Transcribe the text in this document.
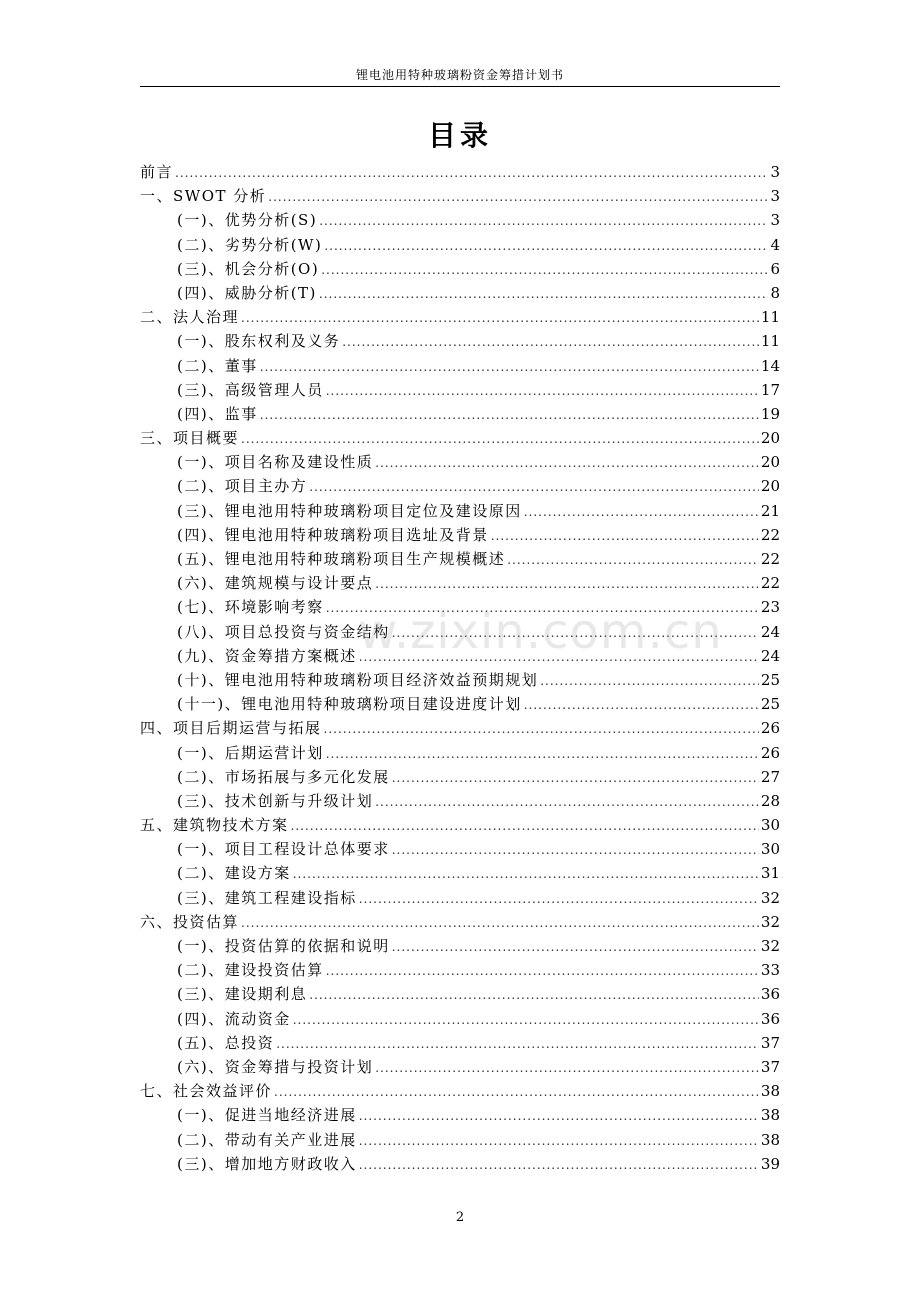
锂电池用特种玻璃粉资金筹措计划书
目录
前言 .....	3
一、SWOT 分析 .....	3
(一)、优势分析(S) .....	3
(二)、劣势分析(W) .....	4
(三)、机会分析(O) .....	6
(四)、威胁分析(T) .....	8
二、法人治理 .....	11
(一)、股东权利及义务 .....	11
(二)、董事 .....	14
(三)、高级管理人员 .....	17
(四)、监事 .....	19
三、项目概要 .....	20
(一)、项目名称及建设性质 .....	20
(二)、项目主办方 .....	20
(三)、锂电池用特种玻璃粉项目定位及建设原因 .....	21
(四)、锂电池用特种玻璃粉项目选址及背景 .....	22
(五)、锂电池用特种玻璃粉项目生产规模概述 .....	22
(六)、建筑规模与设计要点 .....	22
(七)、环境影响考察 .....	23
(八)、项目总投资与资金结构 .....	24
(九)、资金筹措方案概述 .....	24
(十)、锂电池用特种玻璃粉项目经济效益预期规划 .....	25
(十一)、锂电池用特种玻璃粉项目建设进度计划 .....	25
四、项目后期运营与拓展 .....	26
(一)、后期运营计划 .....	26
(二)、市场拓展与多元化发展 .....	27
(三)、技术创新与升级计划 .....	28
五、建筑物技术方案 .....	30
(一)、项目工程设计总体要求 .....	30
(二)、建设方案 .....	31
(三)、建筑工程建设指标 .....	32
六、投资估算 .....	32
(一)、投资估算的依据和说明 .....	32
(二)、建设投资估算 .....	33
(三)、建设期利息 .....	36
(四)、流动资金 .....	36
(五)、总投资 .....	37
(六)、资金筹措与投资计划 .....	37
七、社会效益评价 .....	38
(一)、促进当地经济进展 .....	38
(二)、带动有关产业进展 .....	38
(三)、增加地方财政收入 .....	39
w.zixin.com.cn
2
